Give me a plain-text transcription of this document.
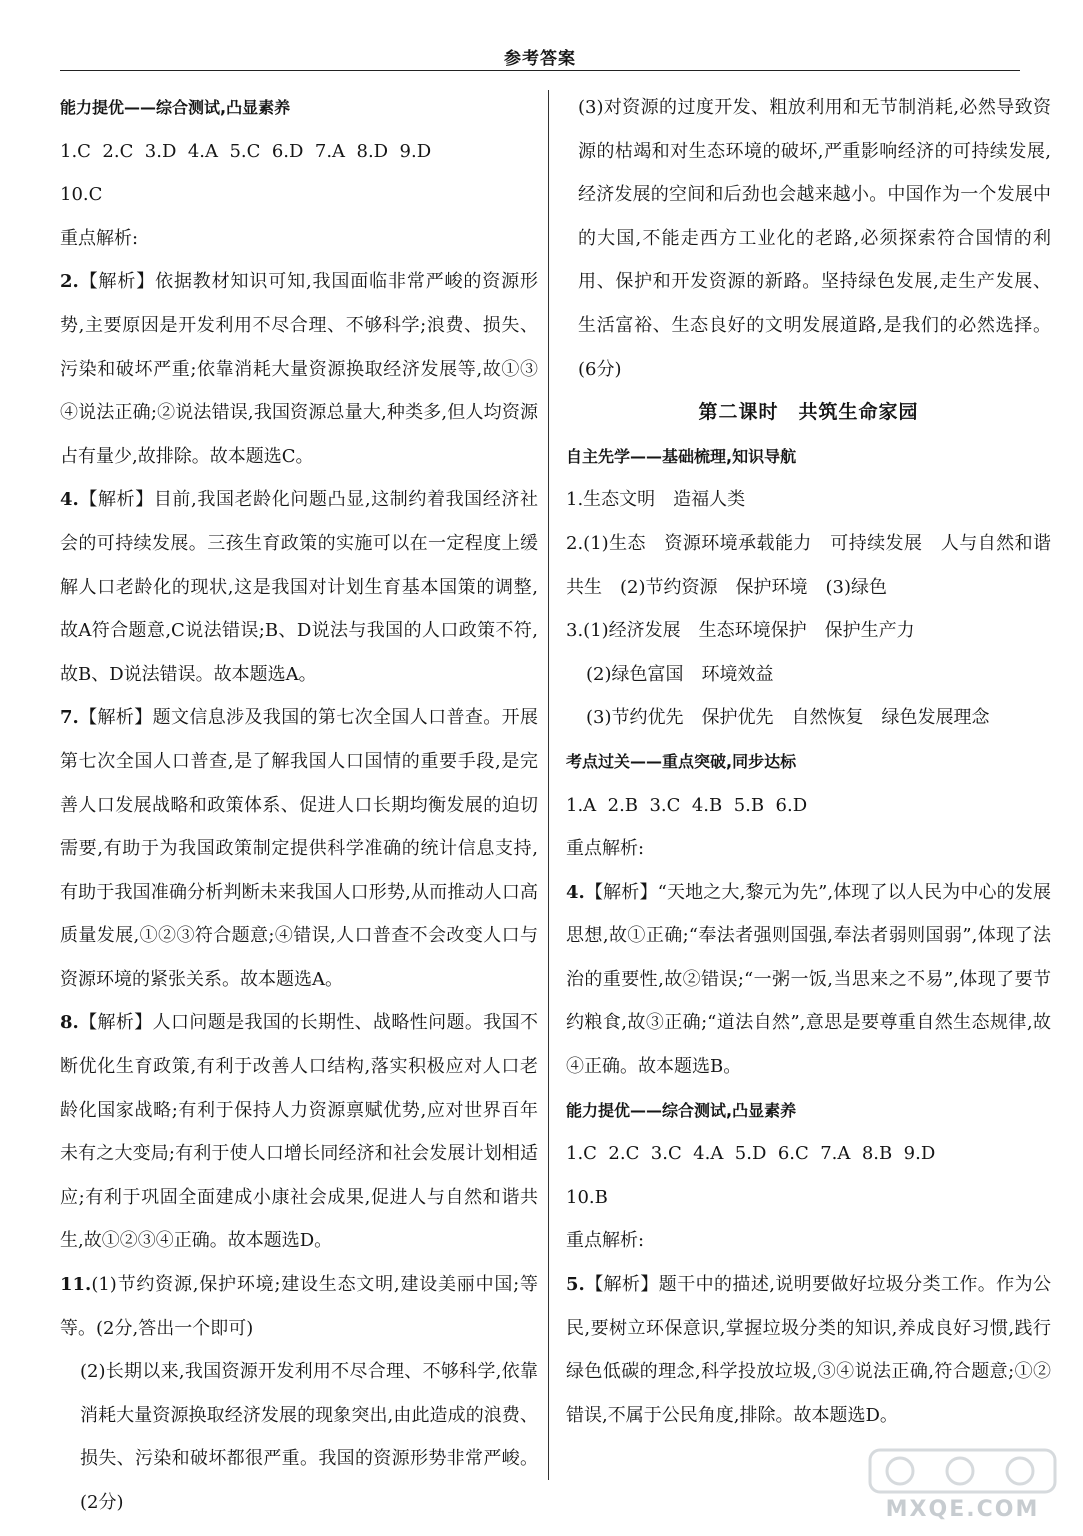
参考答案

能力提优——综合测试,凸显素养

1.C  2.C  3.D  4.A  5.C  6.D  7.A  8.D  9.D

10.C

重点解析:

2.【解析】依据教材知识可知,我国面临非常严峻的资源形势,主要原因是开发利用不尽合理、不够科学;浪费、损失、污染和破坏严重;依靠消耗大量资源换取经济发展等,故①③④说法正确;②说法错误,我国资源总量大,种类多,但人均资源占有量少,故排除。故本题选C。

4.【解析】目前,我国老龄化问题凸显,这制约着我国经济社会的可持续发展。三孩生育政策的实施可以在一定程度上缓解人口老龄化的现状,这是我国对计划生育基本国策的调整,故A符合题意,C说法错误;B、D说法与我国的人口政策不符,故B、D说法错误。故本题选A。

7.【解析】题文信息涉及我国的第七次全国人口普查。开展第七次全国人口普查,是了解我国人口国情的重要手段,是完善人口发展战略和政策体系、促进人口长期均衡发展的迫切需要,有助于为我国政策制定提供科学准确的统计信息支持,有助于我国准确分析判断未来我国人口形势,从而推动人口高质量发展,①②③符合题意;④错误,人口普查不会改变人口与资源环境的紧张关系。故本题选A。

8.【解析】人口问题是我国的长期性、战略性问题。我国不断优化生育政策,有利于改善人口结构,落实积极应对人口老龄化国家战略;有利于保持人力资源禀赋优势,应对世界百年未有之大变局;有利于使人口增长同经济和社会发展计划相适应;有利于巩固全面建成小康社会成果,促进人与自然和谐共生,故①②③④正确。故本题选D。

11.(1)节约资源,保护环境;建设生态文明,建设美丽中国;等等。(2分,答出一个即可)

(2)长期以来,我国资源开发利用不尽合理、不够科学,依靠消耗大量资源换取经济发展的现象突出,由此造成的浪费、损失、污染和破坏都很严重。我国的资源形势非常严峻。(2分)

(3)对资源的过度开发、粗放利用和无节制消耗,必然导致资源的枯竭和对生态环境的破坏,严重影响经济的可持续发展,经济发展的空间和后劲也会越来越小。中国作为一个发展中的大国,不能走西方工业化的老路,必须探索符合国情的利用、保护和开发资源的新路。坚持绿色发展,走生产发展、生活富裕、生态良好的文明发展道路,是我们的必然选择。(6分)

第二课时　共筑生命家园

自主先学——基础梳理,知识导航

1.生态文明　造福人类

2.(1)生态　资源环境承载能力　可持续发展　人与自然和谐共生　(2)节约资源　保护环境　(3)绿色

3.(1)经济发展　生态环境保护　保护生产力

(2)绿色富国　环境效益

(3)节约优先　保护优先　自然恢复　绿色发展理念

考点过关——重点突破,同步达标

1.A  2.B  3.C  4.B  5.B  6.D

重点解析:

4.【解析】“天地之大,黎元为先”,体现了以人民为中心的发展思想,故①正确;“奉法者强则国强,奉法者弱则国弱”,体现了法治的重要性,故②错误;“一粥一饭,当思来之不易”,体现了要节约粮食,故③正确;“道法自然”,意思是要尊重自然生态规律,故④正确。故本题选B。

能力提优——综合测试,凸显素养

1.C  2.C  3.C  4.A  5.D  6.C  7.A  8.B  9.D

10.B

重点解析:

5.【解析】题干中的描述,说明要做好垃圾分类工作。作为公民,要树立环保意识,掌握垃圾分类的知识,养成良好习惯,践行绿色低碳的理念,科学投放垃圾,③④说法正确,符合题意;①②错误,不属于公民角度,排除。故本题选D。

MXQE.COM
